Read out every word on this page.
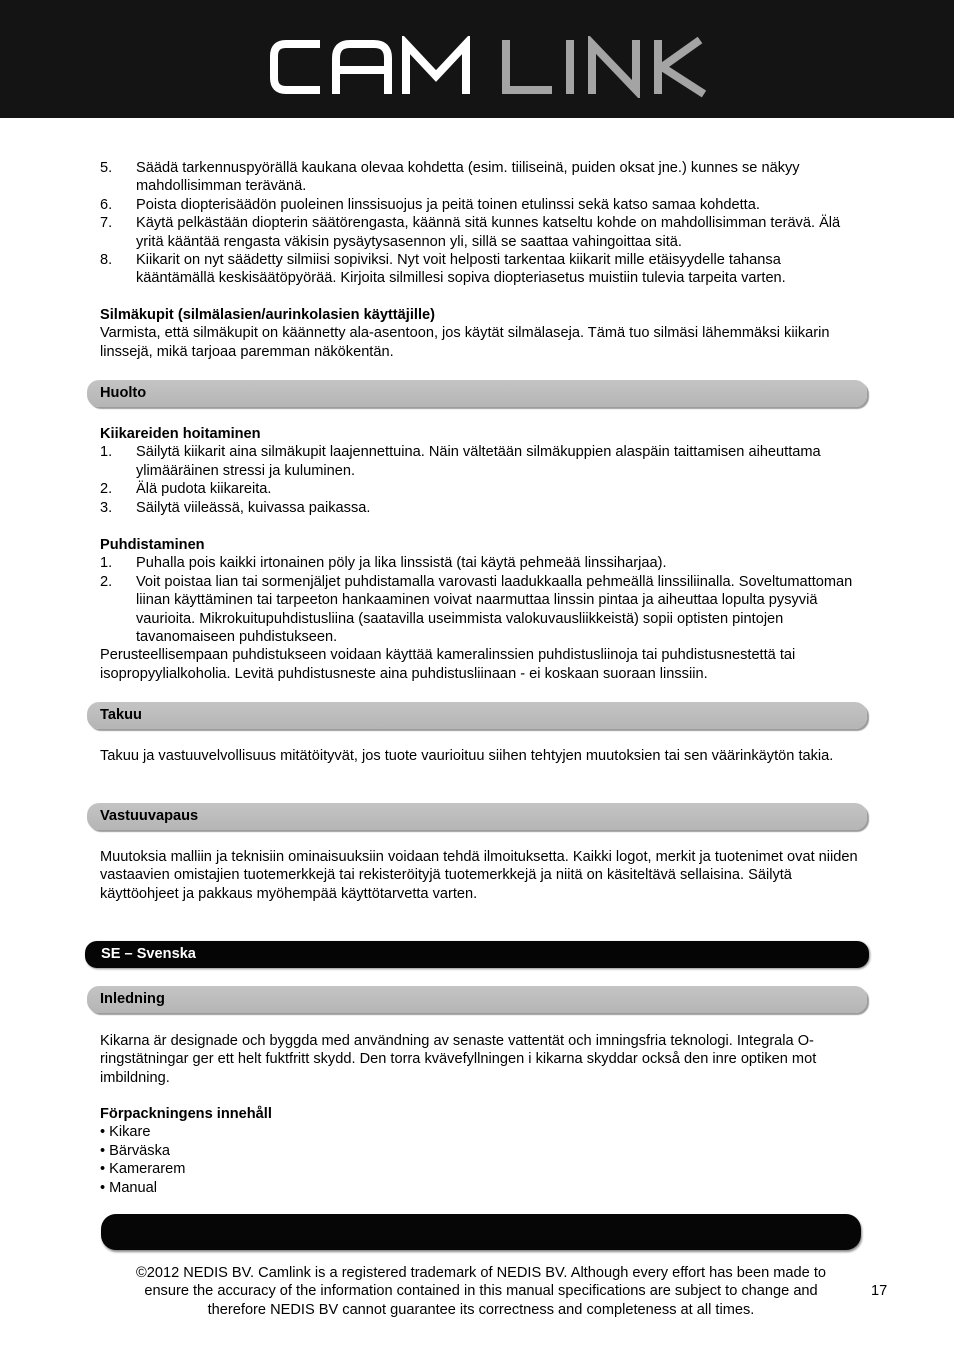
5. Säädä tarkennuspyörällä kaukana olevaa kohdetta (esim. tiiliseinä, puiden oksat jne.) kunnes se näkyy mahdollisimman terävänä.
6. Poista diopterisäädön puoleinen linssisuojus ja peitä toinen etulinssi sekä katso samaa kohdetta.
7. Käytä pelkästään diopterin säätörengasta, käännä sitä kunnes katseltu kohde on mahdollisimman terävä. Älä yritä kääntää rengasta väkisin pysäytysasennon yli, sillä se saattaa vahingoittaa sitä.
8. Kiikarit on nyt säädetty silmiisi sopiviksi. Nyt voit helposti tarkentaa kiikarit mille etäisyydelle tahansa kääntämällä keskisäätöpyörää. Kirjoita silmillesi sopiva diopteriasetus muistiin tulevia tarpeita varten.
Silmäkupit (silmälasien/aurinkolasien käyttäjille)

Varmista, että silmäkupit on käännetty ala-asentoon, jos käytät silmälaseja. Tämä tuo silmäsi lähemmäksi kiikarin linssejä, mikä tarjoaa paremman näkökentän.

Huolto
Kiikareiden hoitaminen
1. Säilytä kiikarit aina silmäkupit laajennettuina. Näin vältetään silmäkuppien alaspäin taittamisen aiheuttama ylimääräinen stressi ja kuluminen.
2. Älä pudota kiikareita.
3. Säilytä viileässä, kuivassa paikassa.
Puhdistaminen
1. Puhalla pois kaikki irtonainen pöly ja lika linssistä (tai käytä pehmeää linssiharjaa).
2. Voit poistaa lian tai sormenjäljet puhdistamalla varovasti laadukkaalla pehmeällä linssiliinalla. Soveltumattoman liinan käyttäminen tai tarpeeton hankaaminen voivat naarmuttaa linssin pintaa ja aiheuttaa lopulta pysyviä vaurioita. Mikrokuitupuhdistusliina (saatavilla useimmista valokuvausliikkeistä) sopii optisten pintojen tavanomaiseen puhdistukseen.

Perusteellisempaan puhdistukseen voidaan käyttää kameralinssien puhdistusliinoja tai puhdistusnestettä tai isopropyylialkoholia. Levitä puhdistusneste aina puhdistusliinaan - ei koskaan suoraan linssiin.

Takuu

Takuu ja vastuuvelvollisuus mitätöityvät, jos tuote vaurioituu siihen tehtyjen muutoksien tai sen väärinkäytön takia.

Vastuuvapaus

Muutoksia malliin ja teknisiin ominaisuuksiin voidaan tehdä ilmoituksetta. Kaikki logot, merkit ja tuotenimet ovat niiden vastaavien omistajien tuotemerkkejä tai rekisteröityjä tuotemerkkejä ja niitä on käsiteltävä sellaisina. Säilytä käyttöohjeet ja pakkaus myöhempää käyttötarvetta varten.

SE – Svenska
Inledning

Kikarna är designade och byggda med användning av senaste vattentät och imningsfria teknologi. Integrala O-ringstätningar ger ett helt fuktfritt skydd. Den torra kvävefyllningen i kikarna skyddar också den inre optiken mot imbildning.

Förpackningens innehåll
• Kikare
• Bärväska
• Kamerarem
• Manual
©2012 NEDIS BV. Camlink is a registered trademark of NEDIS BV. Although every effort has been made to ensure the accuracy of the information contained in this manual specifications are subject to change and therefore NEDIS BV cannot guarantee its correctness and completeness at all times.
17
